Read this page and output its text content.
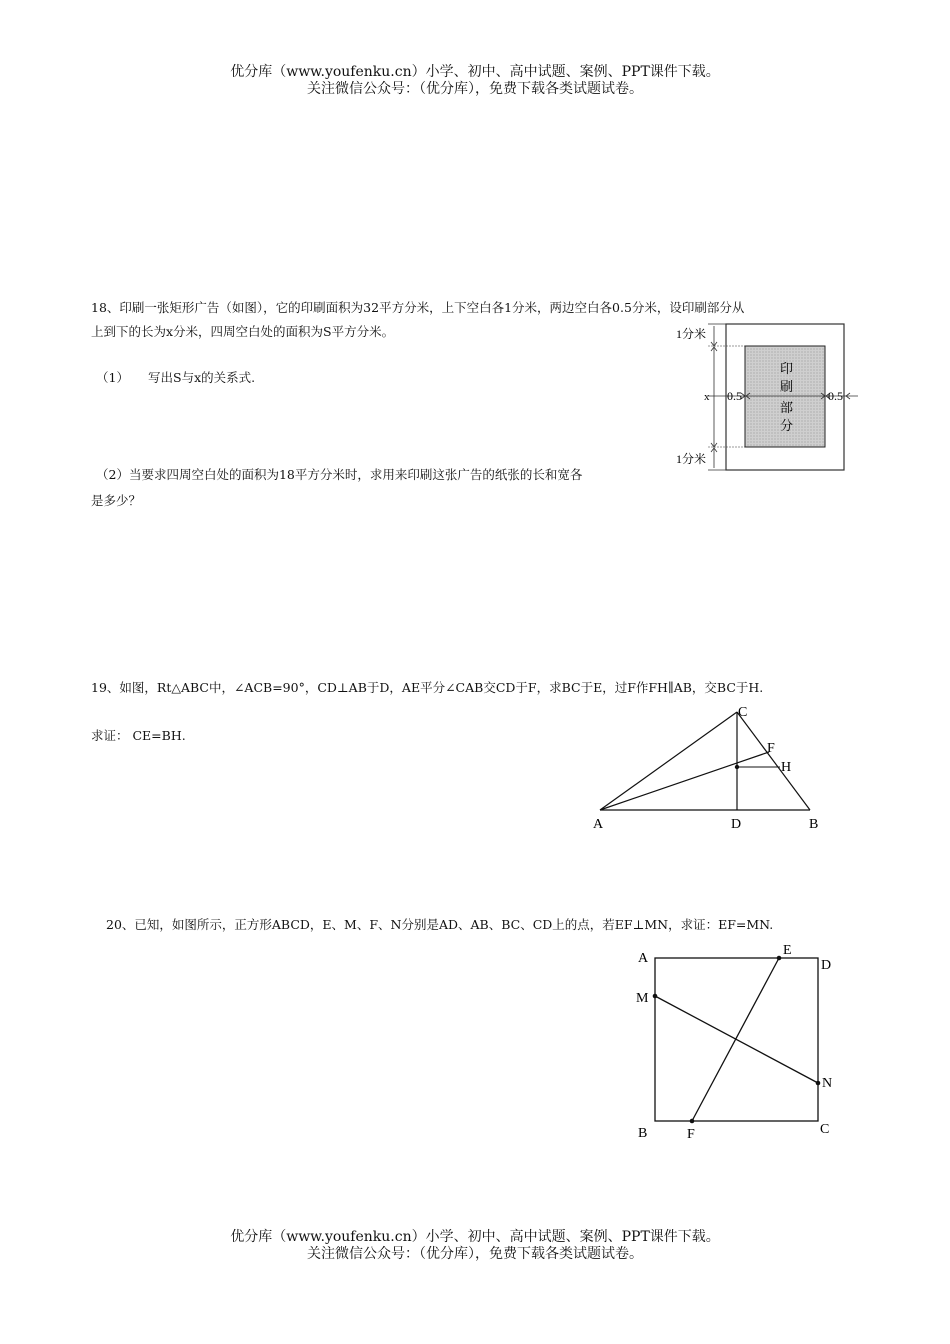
优分库（www.youfenku.cn）小学、初中、高中试题、案例、PPT课件下载。
关注微信公众号：（优分库），免费下载各类试题试卷。
18、印刷一张矩形广告（如图），它的印刷面积为32平方分米，上下空白各1分米，两边空白各0.5分米，设印刷部分从
上到下的长为x分米，四周空白处的面积为S平方分米。
（1） 写出S与x的关系式.
（2）当要求四周空白处的面积为18平方分米时，求用来印刷这张广告的纸张的长和宽各
是多少？
1分米
1分米
x 0.5	0.5
印
刷
部
分
19、如图，Rt△ABC中，∠ACB=90°，CD⊥AB于D，AE平分∠CAB交CD于F，求BC于E，过F作FH∥AB，交BC于H.
求证： CE=BH.
A	B
C
D
F
H
20、已知，如图所示，正方形ABCD，E、M、F、N分别是AD、AB、BC、CD上的点，若EF⊥MN，求证：EF=MN.
A
B	C
D
E
F
M
N
优分库（www.youfenku.cn）小学、初中、高中试题、案例、PPT课件下载。
关注微信公众号：（优分库），免费下载各类试题试卷。
